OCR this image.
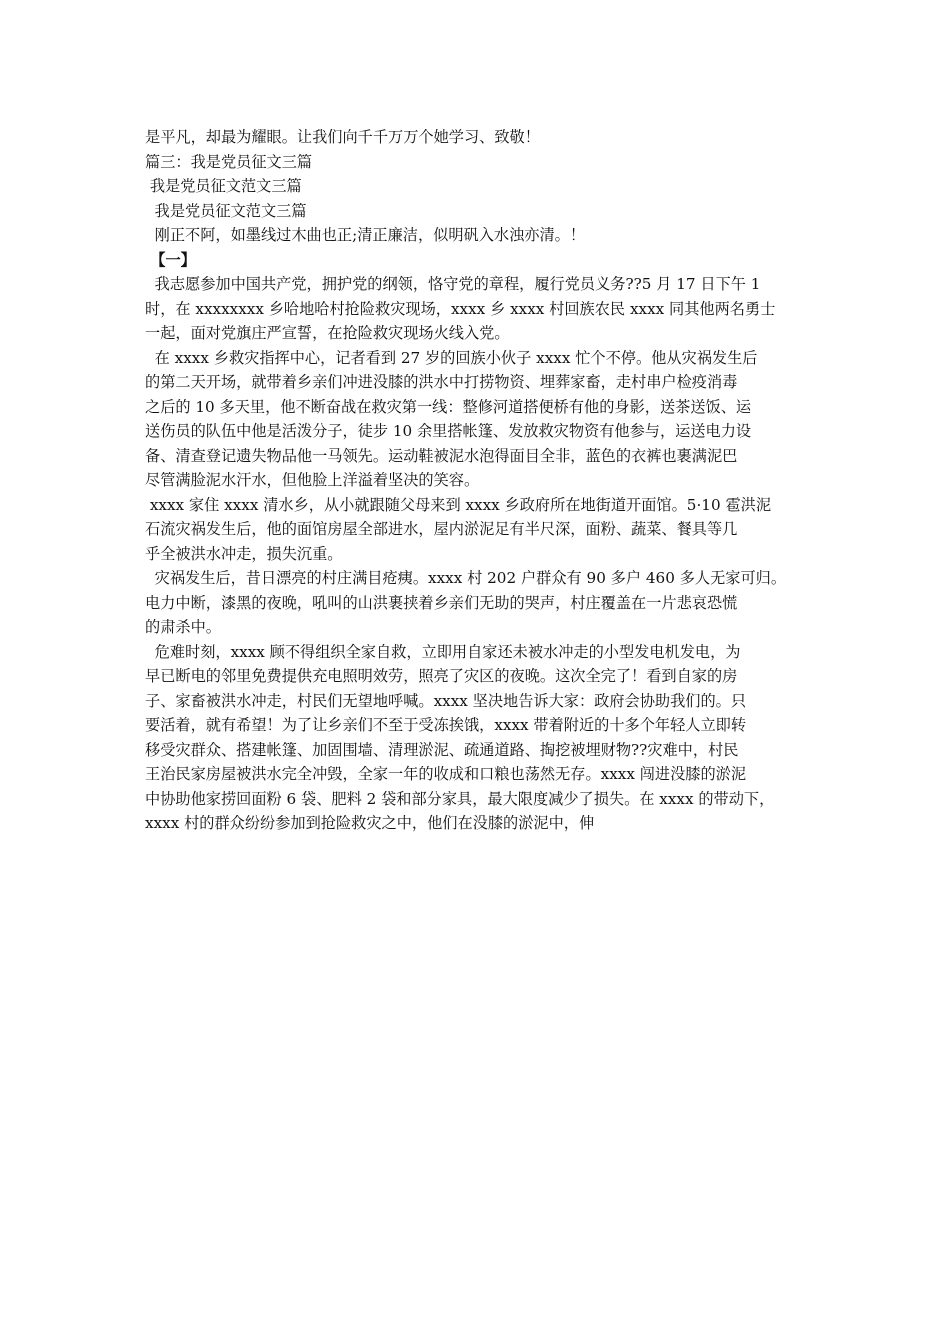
是平凡，却最为耀眼。让我们向千千万万个她学习、致敬！
篇三：我是党员征文三篇
我是党员征文范文三篇
我是党员征文范文三篇
刚正不阿，如墨线过木曲也正;清正廉洁，似明矾入水浊亦清。！
【一】
我志愿参加中国共产党，拥护党的纲领，恪守党的章程，履行党员义务??5 月 17 日下午 1
时，在 xxxxxxxx 乡哈地哈村抢险救灾现场，xxxx 乡 xxxx 村回族农民 xxxx 同其他两名勇士
一起，面对党旗庄严宣誓，在抢险救灾现场火线入党。
在 xxxx 乡救灾指挥中心，记者看到 27 岁的回族小伙子 xxxx 忙个不停。他从灾祸发生后
的第二天开场，就带着乡亲们冲进没膝的洪水中打捞物资、埋葬家畜，走村串户检疫消毒
之后的 10 多天里，他不断奋战在救灾第一线：整修河道搭便桥有他的身影，送茶送饭、运
送伤员的队伍中他是活泼分子，徒步 10 余里搭帐篷、发放救灾物资有他参与，运送电力设
备、清查登记遗失物品他一马领先。运动鞋被泥水泡得面目全非，蓝色的衣裤也裹满泥巴
尽管满脸泥水汗水，但他脸上洋溢着坚决的笑容。
xxxx 家住 xxxx 清水乡，从小就跟随父母来到 xxxx 乡政府所在地街道开面馆。5·10 雹洪泥
石流灾祸发生后，他的面馆房屋全部进水，屋内淤泥足有半尺深，面粉、蔬菜、餐具等几
乎全被洪水冲走，损失沉重。
灾祸发生后，昔日漂亮的村庄满目疮痍。xxxx 村 202 户群众有 90 多户 460 多人无家可归。
电力中断，漆黑的夜晚，吼叫的山洪裹挟着乡亲们无助的哭声，村庄覆盖在一片悲哀恐慌
的肃杀中。
危难时刻，xxxx 顾不得组织全家自救，立即用自家还未被水冲走的小型发电机发电，为
早已断电的邻里免费提供充电照明效劳，照亮了灾区的夜晚。这次全完了！看到自家的房
子、家畜被洪水冲走，村民们无望地呼喊。xxxx 坚决地告诉大家：政府会协助我们的。只
要活着，就有希望！为了让乡亲们不至于受冻挨饿，xxxx 带着附近的十多个年轻人立即转
移受灾群众、搭建帐篷、加固围墙、清理淤泥、疏通道路、掏挖被埋财物??灾难中，村民
王治民家房屋被洪水完全冲毁，全家一年的收成和口粮也荡然无存。xxxx 闯进没膝的淤泥
中协助他家捞回面粉 6 袋、肥料 2 袋和部分家具，最大限度减少了损失。在 xxxx 的带动下，
xxxx 村的群众纷纷参加到抢险救灾之中，他们在没膝的淤泥中，伸
